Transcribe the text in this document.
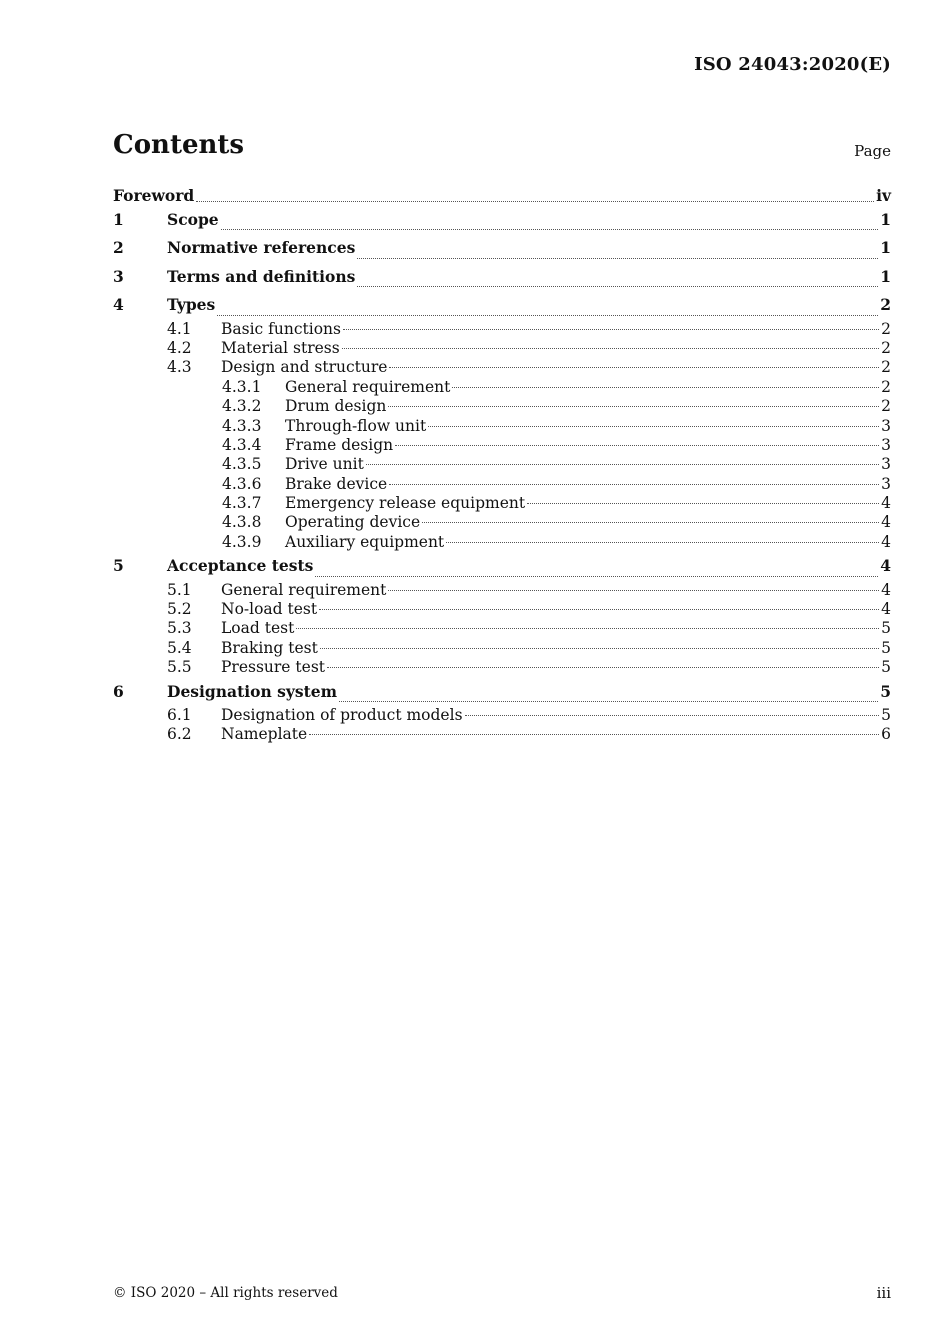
ISO 24043:2020(E)
Contents	Page
Foreword	iv
1	Scope	1
2	Normative references	1
3	Terms and definitions	1
4	Types	2
4.1	Basic functions	2
4.2	Material stress	2
4.3	Design and structure	2
4.3.1	General requirement	2
4.3.2	Drum design	2
4.3.3	Through-flow unit	3
4.3.4	Frame design	3
4.3.5	Drive unit	3
4.3.6	Brake device	3
4.3.7	Emergency release equipment	4
4.3.8	Operating device	4
4.3.9	Auxiliary equipment	4
5	Acceptance tests	4
5.1	General requirement	4
5.2	No-load test	4
5.3	Load test	5
5.4	Braking test	5
5.5	Pressure test	5
6	Designation system	5
6.1	Designation of product models	5
6.2	Nameplate	6
© ISO 2020 – All rights reserved	iii
